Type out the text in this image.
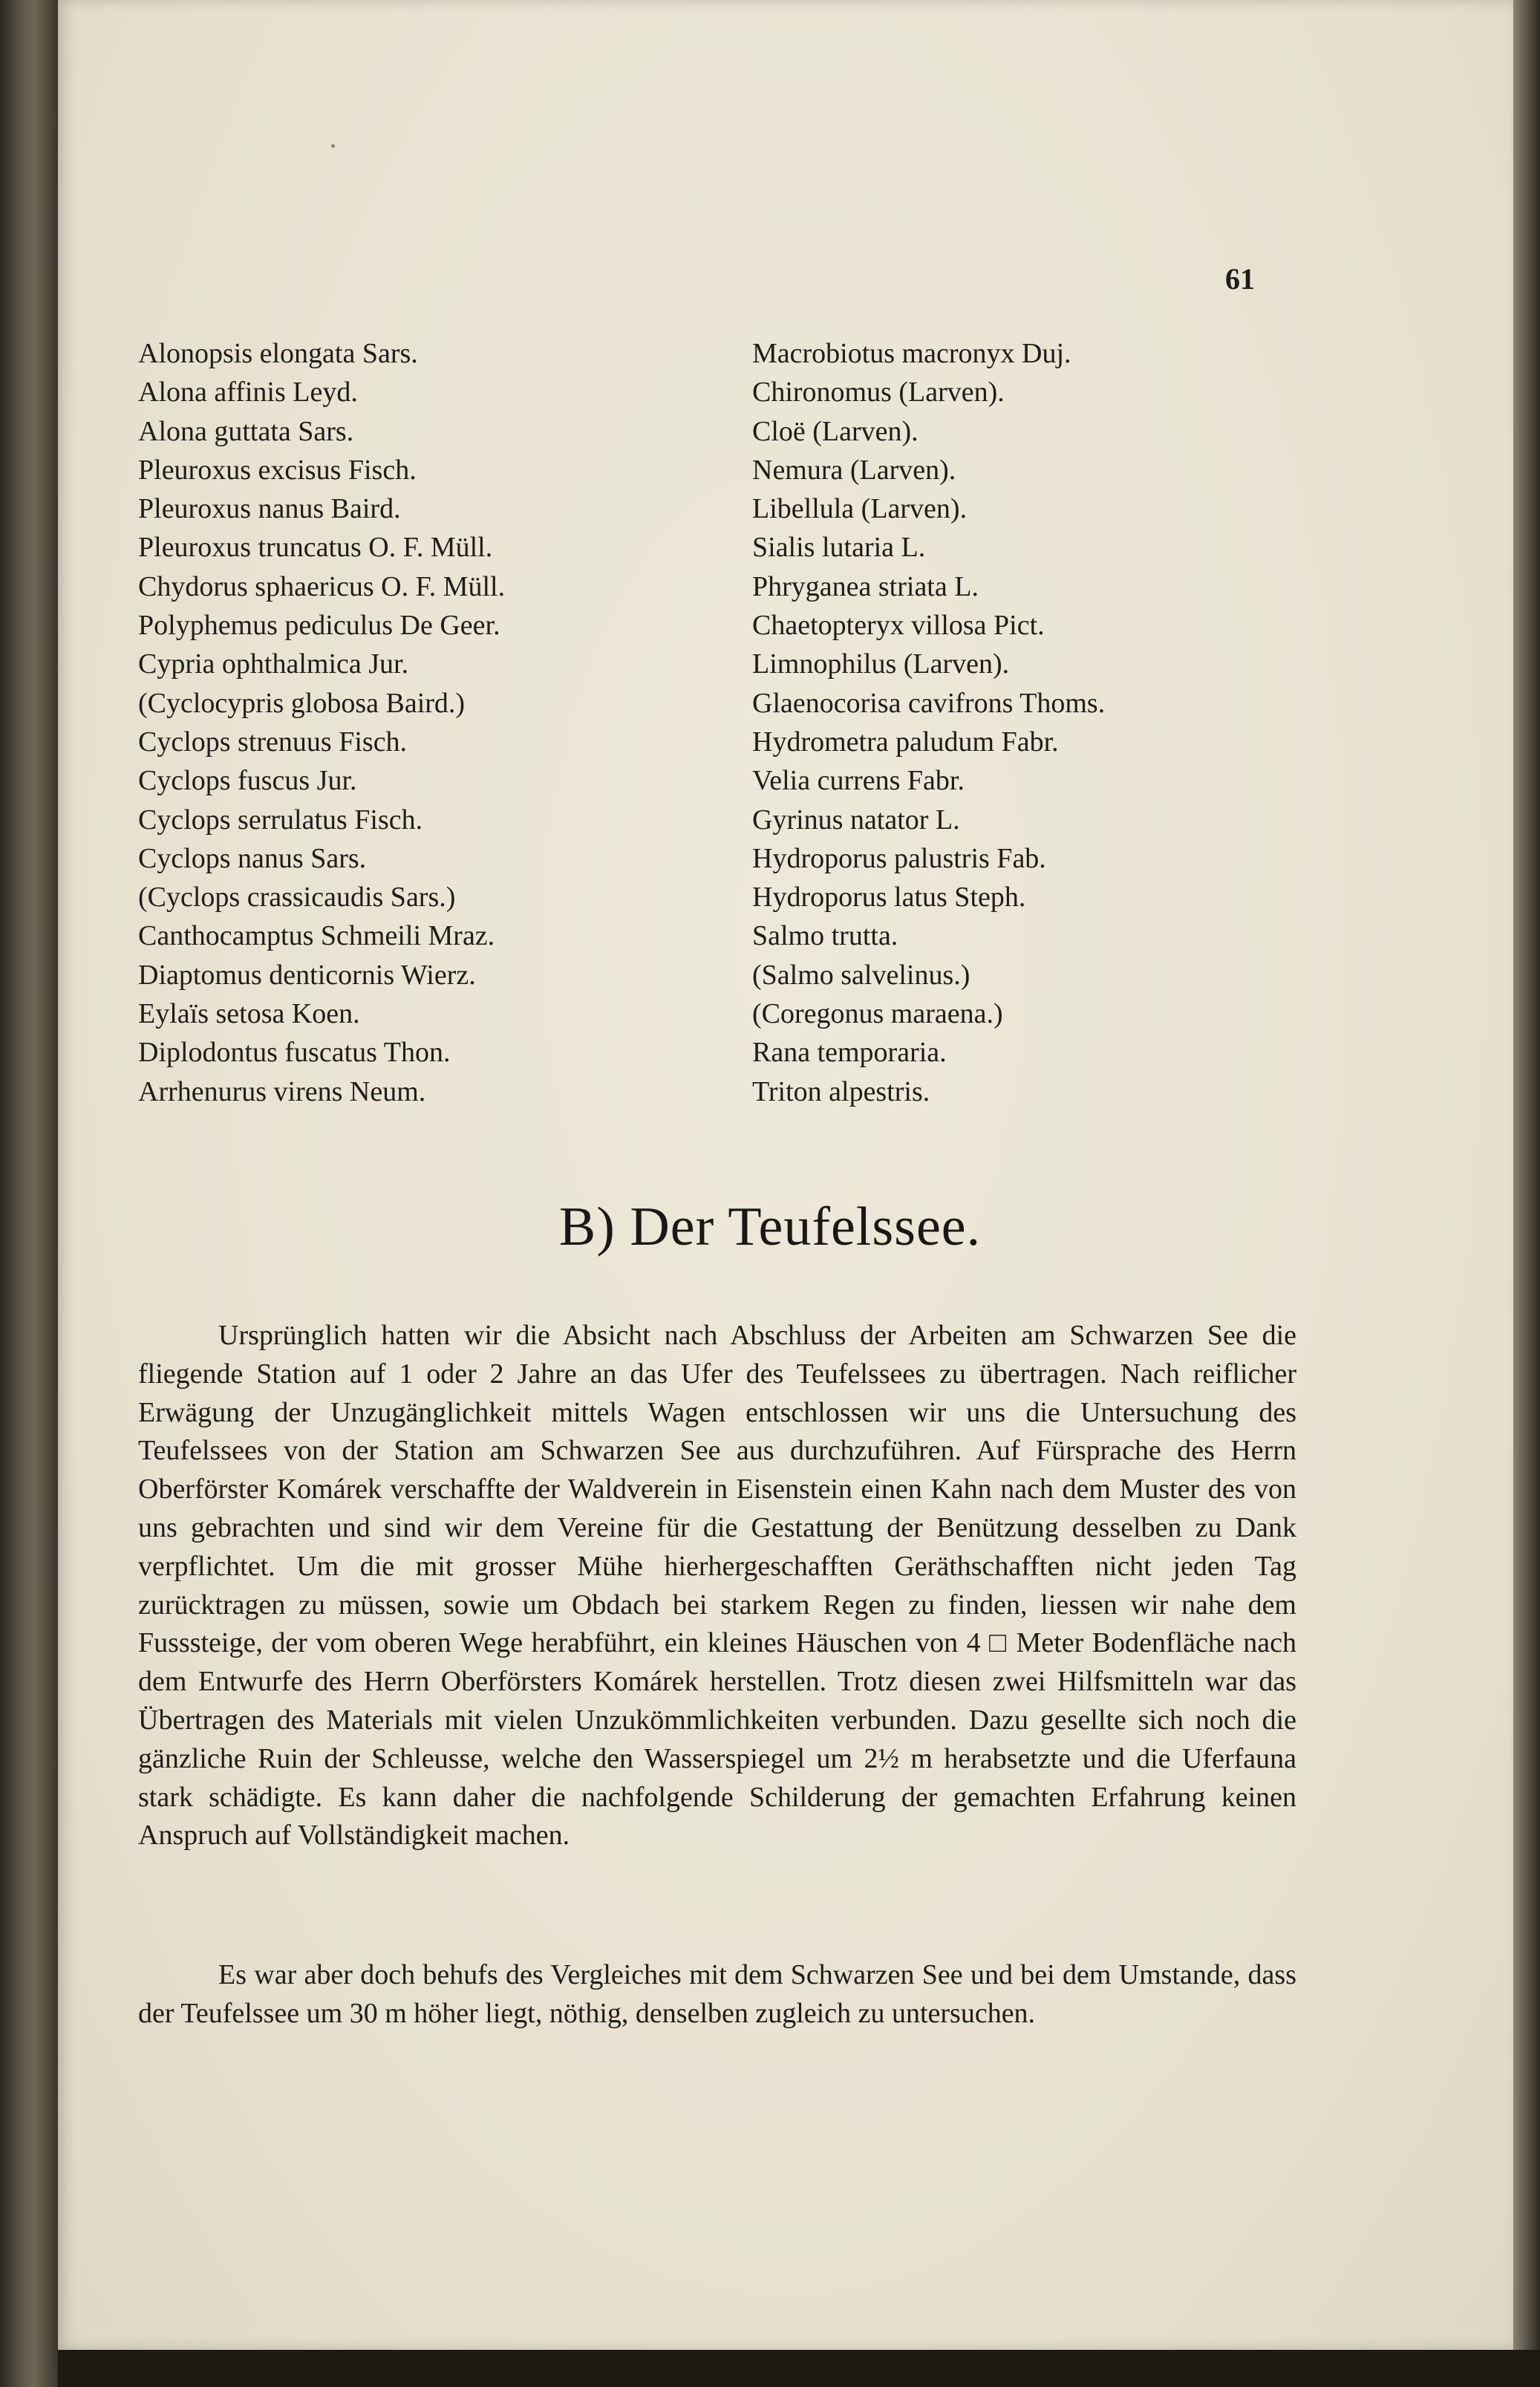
61
Alonopsis elongata Sars.
Alona affinis Leyd.
Alona guttata Sars.
Pleuroxus excisus Fisch.
Pleuroxus nanus Baird.
Pleuroxus truncatus O. F. Müll.
Chydorus sphaericus O. F. Müll.
Polyphemus pediculus De Geer.
Cypria ophthalmica Jur.
(Cyclocypris globosa Baird.)
Cyclops strenuus Fisch.
Cyclops fuscus Jur.
Cyclops serrulatus Fisch.
Cyclops nanus Sars.
(Cyclops crassicaudis Sars.)
Canthocamptus Schmeili Mraz.
Diaptomus denticornis Wierz.
Eylaïs setosa Koen.
Diplodontus fuscatus Thon.
Arrhenurus virens Neum.
Macrobiotus macronyx Duj.
Chironomus (Larven).
Cloë (Larven).
Nemura (Larven).
Libellula (Larven).
Sialis lutaria L.
Phryganea striata L.
Chaetopteryx villosa Pict.
Limnophilus (Larven).
Glaenocorisa cavifrons Thoms.
Hydrometra paludum Fabr.
Velia currens Fabr.
Gyrinus natator L.
Hydroporus palustris Fab.
Hydroporus latus Steph.
Salmo trutta.
(Salmo salvelinus.)
(Coregonus maraena.)
Rana temporaria.
Triton alpestris.
B) Der Teufelssee.

Ursprünglich hatten wir die Absicht nach Abschluss der Arbeiten am Schwarzen See die fliegende Station auf 1 oder 2 Jahre an das Ufer des Teufelssees zu übertragen. Nach reiflicher Erwägung der Unzugänglichkeit mittels Wagen entschlossen wir uns die Untersuchung des Teufelssees von der Station am Schwarzen See aus durchzuführen. Auf Fürsprache des Herrn Oberförster Komárek verschaffte der Waldverein in Eisenstein einen Kahn nach dem Muster des von uns gebrachten und sind wir dem Vereine für die Gestattung der Benützung desselben zu Dank verpflichtet. Um die mit grosser Mühe hierhergeschafften Geräthschafften nicht jeden Tag zurücktragen zu müssen, sowie um Obdach bei starkem Regen zu finden, liessen wir nahe dem Fusssteige, der vom oberen Wege herabführt, ein kleines Häuschen von 4 □ Meter Bodenfläche nach dem Entwurfe des Herrn Oberförsters Komárek herstellen. Trotz diesen zwei Hilfsmitteln war das Übertragen des Materials mit vielen Unzukömmlichkeiten verbunden. Dazu gesellte sich noch die gänzliche Ruin der Schleusse, welche den Wasserspiegel um 2½ m herabsetzte und die Uferfauna stark schädigte. Es kann daher die nachfolgende Schilderung der gemachten Erfahrung keinen Anspruch auf Vollständigkeit machen.

Es war aber doch behufs des Vergleiches mit dem Schwarzen See und bei dem Umstande, dass der Teufelssee um 30 m höher liegt, nöthig, denselben zugleich zu untersuchen.
